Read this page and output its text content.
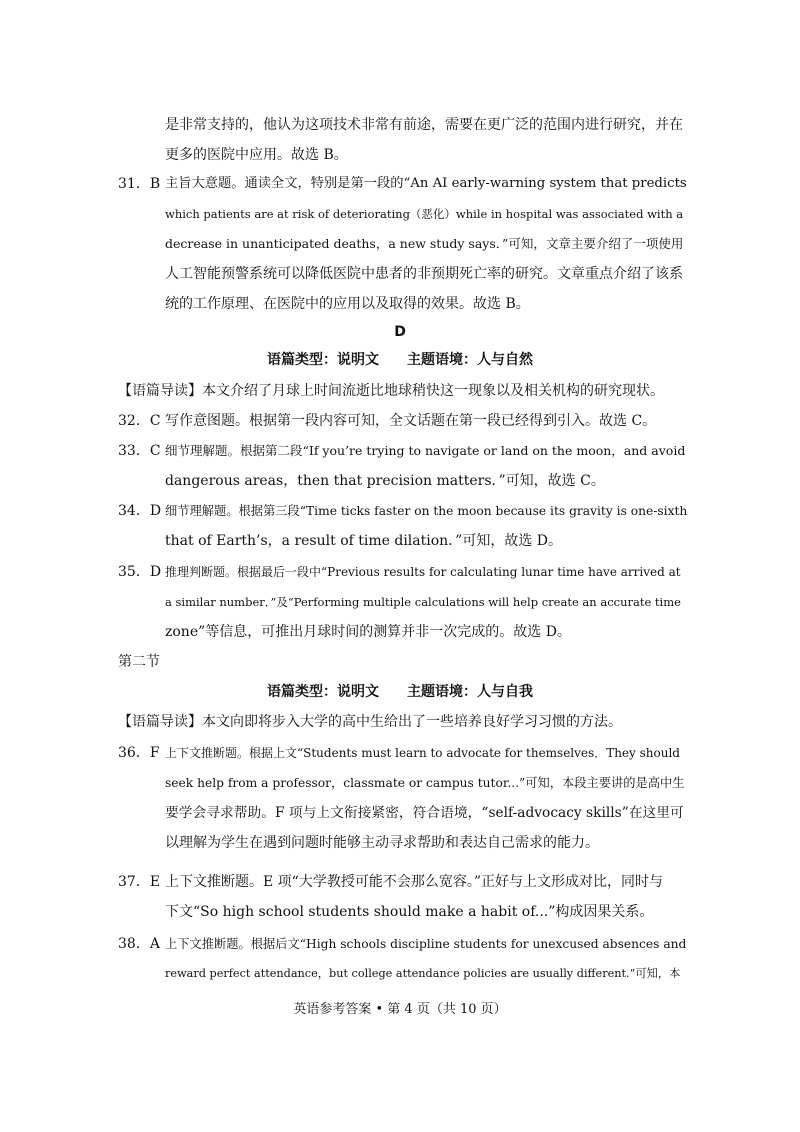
是非常支持的，他认为这项技术非常有前途，需要在更广泛的范围内进行研究，并在
更多的医院中应用。故选 B。
31．B 主旨大意题。通读全文，特别是第一段的“An AI early-warning system that predicts
which patients are at risk of deteriorating（恶化）while in hospital was associated with a
decrease in unanticipated deaths，a new study says．”可知，文章主要介绍了一项使用
人工智能预警系统可以降低医院中患者的非预期死亡率的研究。文章重点介绍了该系
统的工作原理、在医院中的应用以及取得的效果。故选 B。
D
语篇类型：说明文　　主题语境：人与自然
【语篇导读】本文介绍了月球上时间流逝比地球稍快这一现象以及相关机构的研究现状。
32．C 写作意图题。根据第一段内容可知，全文话题在第一段已经得到引入。故选 C。
33．C 细节理解题。根据第二段“If you’re trying to navigate or land on the moon，and avoid
dangerous areas，then that precision matters．”可知，故选 C。
34．D 细节理解题。根据第三段“Time ticks faster on the moon because its gravity is one-sixth
that of Earth’s，a result of time dilation．”可知，故选 D。
35．D 推理判断题。根据最后一段中“Previous results for calculating lunar time have arrived at
a similar number．”及“Performing multiple calculations will help create an accurate time
zone”等信息，可推出月球时间的测算并非一次完成的。故选 D。
第二节
语篇类型：说明文　　主题语境：人与自我
【语篇导读】本文向即将步入大学的高中生给出了一些培养良好学习习惯的方法。
36．F 上下文推断题。根据上文“Students must learn to advocate for themselves．They should
seek help from a professor，classmate or campus tutor...”可知，本段主要讲的是高中生
要学会寻求帮助。F 项与上文衔接紧密，符合语境，“self-advocacy skills”在这里可
以理解为学生在遇到问题时能够主动寻求帮助和表达自己需求的能力。
37．E 上下文推断题。E 项“大学教授可能不会那么宽容。”正好与上文形成对比，同时与
下文“So high school students should make a habit of...”构成因果关系。
38．A 上下文推断题。根据后文“High schools discipline students for unexcused absences and
reward perfect attendance，but college attendance policies are usually different.”可知，本
英语参考答案 • 第 4 页（共 10 页）
